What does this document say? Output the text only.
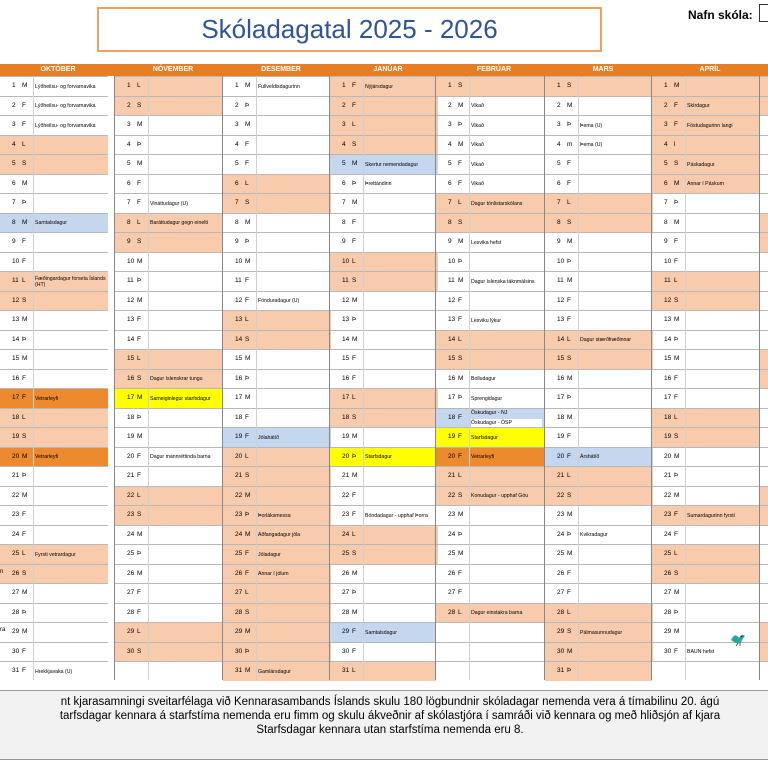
Skóladagatal 2025 - 2026	Nafn skóla:
OKTÓBER	NÓVEMBER	DESEMBER	JANÚAR	FEBRÚAR	MARS	APRÍL
1 M	Lýðheilsu- og forvarnavika
2 F	Lýðheilsu- og forvarnavika
3 F	Lýðheilsu- og forvarnavika
4 L
5 S
6 M
7 Þ
8 M	Samtalsdagur
9 F
10 F
11 L	Fæðingardagur forseta Íslands (HT)
12 S
13 M
14 Þ
15 M
16 F
17 F	Vetrarleyfi
18 L
19 S
20 M	Vetrarleyfi
21 Þ
22 M
23 F
24 F
25 L	Fyrsti vetrardagur
26 S
27 M
28 Þ
29 M
30 F
31 F	Hrekkjavaka (U)
1 L
2 S
3 M
4 Þ
5 M
6 F
7 F	Vináttudagur (U)
8 L	Baráttudagur gegn einelti
9 S
10 M
11 Þ
12 M
13 F
14 F
15 L
16 S	Dagur íslenskrar tungu
17 M	Sameiginlegur starfsdagur
18 Þ
19 M
20 F	Dagur mannréttinda barna
21 F
22 L
23 S
24 M
25 Þ
26 M
27 F
28 F
29 L
30 S
1 M	Fullveldisdagurinn
2 Þ
3 M
4 F
5 F
6 L
7 S
8 M
9 Þ
10 M
11 F
12 F	Fönduradagur (U)
13 L
14 S
15 M
16 Þ
17 M
18 F
19 F	Jólahátíð
20 L
21 S
22 M
23 Þ	Þorláksmessa
24 M	Aðfangadagur jóla
25 F	Jóladagur
26 F	Annar í jólum
27 L
28 S
29 M
30 Þ
31 M	Gamlársdagur
1 F	Nýjársdagur
2 F
3 L
4 S
5 M	Skertur nemendadagur
6 Þ	Þrettándinn
7 M
8 F
9 F
10 L
11 S
12 M
13 Þ
14 M
15 F
16 F
17 L
18 S
19 M
20 Þ	Starfsdagur
21 M
22 F
23 F	Bóndadagur - upphaf Þorra
24 L
25 S
26 M
27 Þ
28 M
29 F	Samtalsdagur
30 F
31 L
1 S
2 M	Vikað
3 Þ	Vikað
4 M	Vikað
5 F	Vikað
6 F	Vikað
7 L	Dagur tónlistarskólans
8 S
9 M	Lesvika hefst
10 Þ
11 M	Dagur íslenska táknmálsins
12 F
13 F	Lesviku lýkur
14 L
15 S
16 M	Bolludagur
17 Þ	Sprengidagur
18 F
Öskudagur - NJ
Öskudagur - ÓSP
19 F	Starfsdagur
20 F	Vetrarleyfi
21 L
22 S	Konudagur - upphaf Góu
23 M
24 Þ
25 M
26 F
27 F
28 L	Dagur einstakra barna
1 S
2 M
3 Þ	Þema (U)
4 m	Þema (U)
5 F
6 F
7 L
8 S
9 M
10 Þ
11 M
12 F
13 F
14 L	Dagur stærðfræðinnar
15 S
16 M
17 Þ
18 M
19 F
20 F	Árshátíð
21 L
22 S
23 M
24 Þ	Kvikradagur
25 M
26 F
27 F
28 L
29 S	Pálmasunnudagur
30 M
31 Þ
1 M
2 F	Skírdagur
3 F	Föstudagurinn langi
4 l
5 S	Páskadagur
6 M	Annar í Páskum
7 Þ
8 M
9 F
10 F
11 L
12 S
13 M
14 Þ
15 M
16 F
17 F
18 L
19 S
20 M
21 Þ
22 M
23 F	Sumardagurinn fyrsti
24 F
25 L
26 S
27 M
28 Þ
29 M
30 F	BAUN hefst
n
ra
nt kjarasamningi sveitarfélaga við Kennarasambands Íslands skulu 180 lögbundnir skóladagar nemenda vera á tímabilinu 20. ágú
tarfsdagar kennara á starfstíma nemenda eru fimm og skulu ákveðnir af skólastjóra í samráði við kennara og með hliðsjón af kjara
Starfsdagar kennara utan starfstíma nemenda eru 8.
